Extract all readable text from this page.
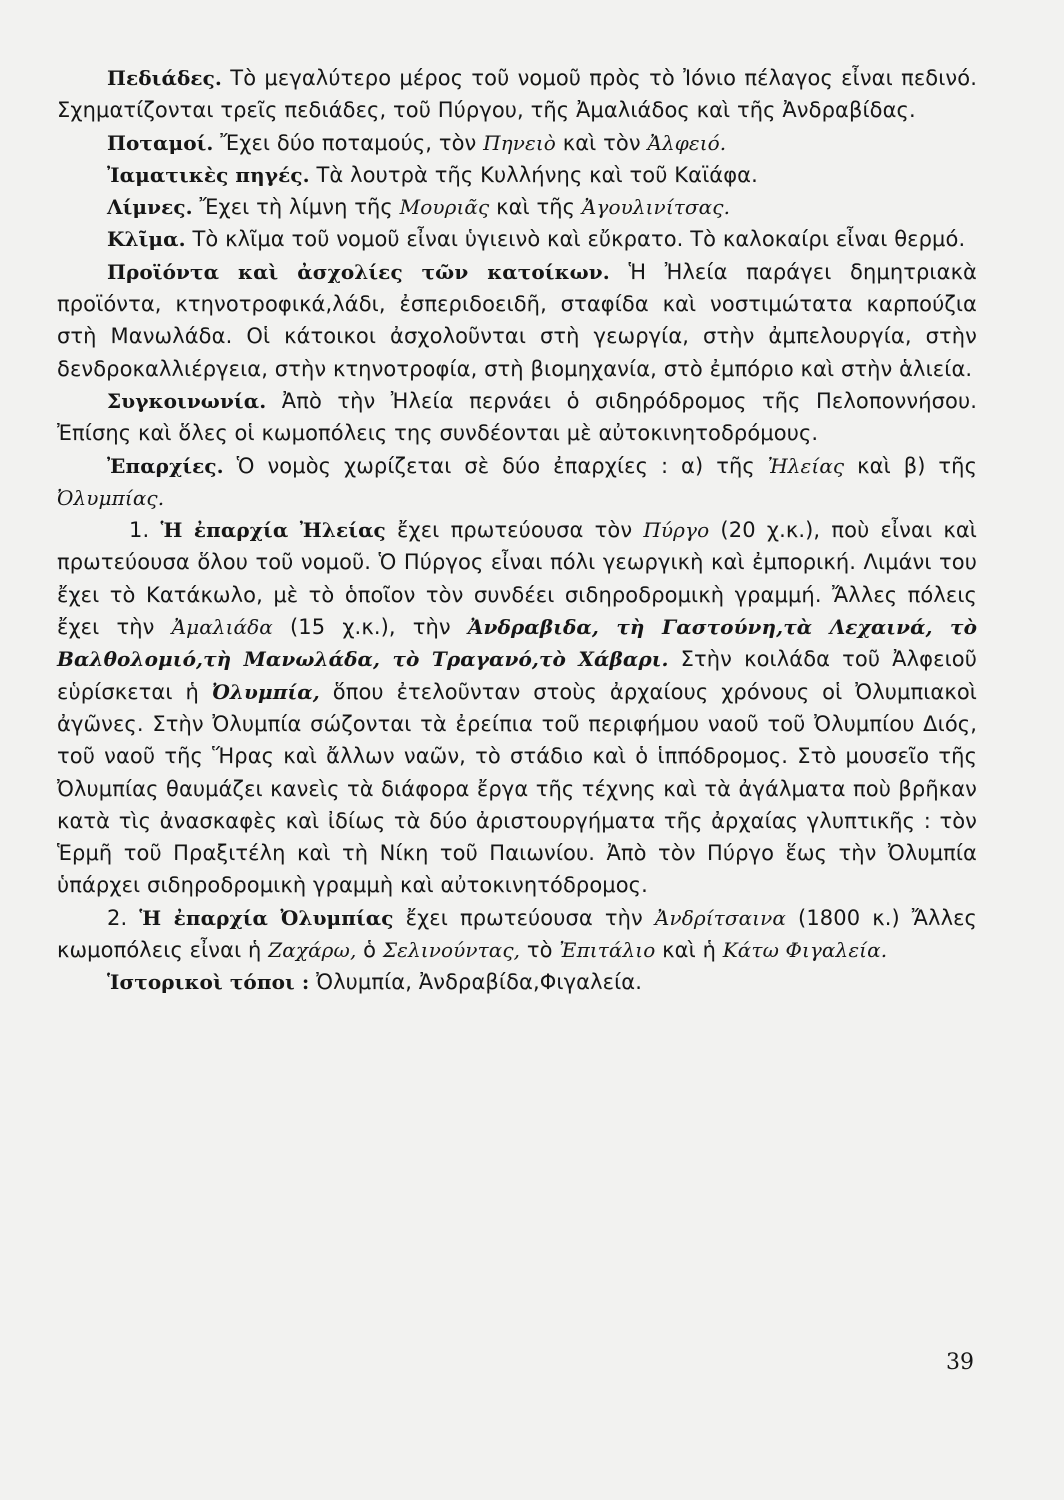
Πεδιάδες. Τὸ μεγαλύτερο μέρος τοῦ νομοῦ πρὸς τὸ Ἰόνιο πέλαγος εἶναι πεδινό. Σχηματίζονται τρεῖς πεδιάδες, τοῦ Πύργου, τῆς Ἀμαλιάδος καὶ τῆς Ἀνδραβίδας.

Ποταμοί. Ἔχει δύο ποταμούς, τὸν Πηνειὸ καὶ τὸν Ἀλφειό.

Ἰαματικὲς πηγές. Τὰ λουτρὰ τῆς Κυλλήνης καὶ τοῦ Καϊάφα.

Λίμνες. Ἔχει τὴ λίμνη τῆς Μουριᾶς καὶ τῆς Ἀγουλινίτσας.

Κλῖμα. Τὸ κλῖμα τοῦ νομοῦ εἶναι ὑγιεινὸ καὶ εὔκρατο. Τὸ καλοκαίρι εἶναι θερμό.

Προϊόντα καὶ ἀσχολίες τῶν κατοίκων. Ἡ Ἠλεία παράγει δημητριακὰ προϊόντα, κτηνοτροφικά,λάδι, ἐσπεριδοειδῆ, σταφίδα καὶ νοστιμώτατα καρπούζια στὴ Μανωλάδα. Οἱ κάτοικοι ἀσχολοῦνται στὴ γεωργία, στὴν ἀμπελουργία, στὴν δενδροκαλλιέργεια, στὴν κτηνοτροφία, στὴ βιομηχανία, στὸ ἐμπόριο καὶ στὴν ἁλιεία.

Συγκοινωνία. Ἀπὸ τὴν Ἠλεία περνάει ὁ σιδηρόδρομος τῆς Πελοποννήσου. Ἐπίσης καὶ ὅλες οἱ κωμοπόλεις της συνδέονται μὲ αὐτοκινητοδρόμους.

Ἐπαρχίες. Ὁ νομὸς χωρίζεται σὲ δύο ἐπαρχίες : α) τῆς Ἠλείας καὶ β) τῆς Ὀλυμπίας.

1. Ἡ ἐπαρχία Ἠλείας ἔχει πρωτεύουσα τὸν Πύργο (20 χ.κ.), ποὺ εἶναι καὶ πρωτεύουσα ὅλου τοῦ νομοῦ. Ὁ Πύργος εἶναι πόλι γεωργικὴ καὶ ἐμπορική. Λιμάνι του ἔχει τὸ Κατάκωλο, μὲ τὸ ὁποῖον τὸν συνδέει σιδηροδρομικὴ γραμμή. Ἄλλες πόλεις ἔχει τὴν Ἀμαλιάδα (15 χ.κ.), τὴν Ἀνδραβιδα, τὴ Γαστούνη,τὰ Λεχαινά, τὸ Βαλθολομιό,τὴ Μανωλάδα, τὸ Τραγανό,τὸ Χάβαρι. Στὴν κοιλάδα τοῦ Ἀλφειοῦ εὑρίσκεται ἡ Ὀλυμπία, ὅπου ἐτελοῦνταν στοὺς ἀρχαίους χρόνους οἱ Ὀλυμπιακοὶ ἀγῶνες. Στὴν Ὀλυμπία σώζονται τὰ ἐρείπια τοῦ περιφήμου ναοῦ τοῦ Ὀλυμπίου Διός, τοῦ ναοῦ τῆς Ἥρας καὶ ἄλλων ναῶν, τὸ στάδιο καὶ ὁ ἱππόδρομος. Στὸ μουσεῖο τῆς Ὀλυμπίας θαυμάζει κανεὶς τὰ διάφορα ἔργα τῆς τέχνης καὶ τὰ ἀγάλματα ποὺ βρῆκαν κατὰ τὶς ἀνασκαφὲς καὶ ἰδίως τὰ δύο ἀριστουργήματα τῆς ἀρχαίας γλυπτικῆς : τὸν Ἑρμῆ τοῦ Πραξιτέλη καὶ τὴ Νίκη τοῦ Παιωνίου. Ἀπὸ τὸν Πύργο ἕως τὴν Ὀλυμπία ὑπάρχει σιδηροδρομικὴ γραμμὴ καὶ αὐτοκινητόδρομος.

2. Ἡ ἐπαρχία Ὀλυμπίας ἔχει πρωτεύουσα τὴν Ἀνδρίτσαινα (1800 κ.) Ἄλλες κωμοπόλεις εἶναι ἡ Ζαχάρω, ὁ Σελινούντας, τὸ Ἐπιτάλιο καὶ ἡ Κάτω Φιγαλεία.

Ἱστορικοὶ τόποι : Ὀλυμπία, Ἀνδραβίδα,Φιγαλεία.

39
